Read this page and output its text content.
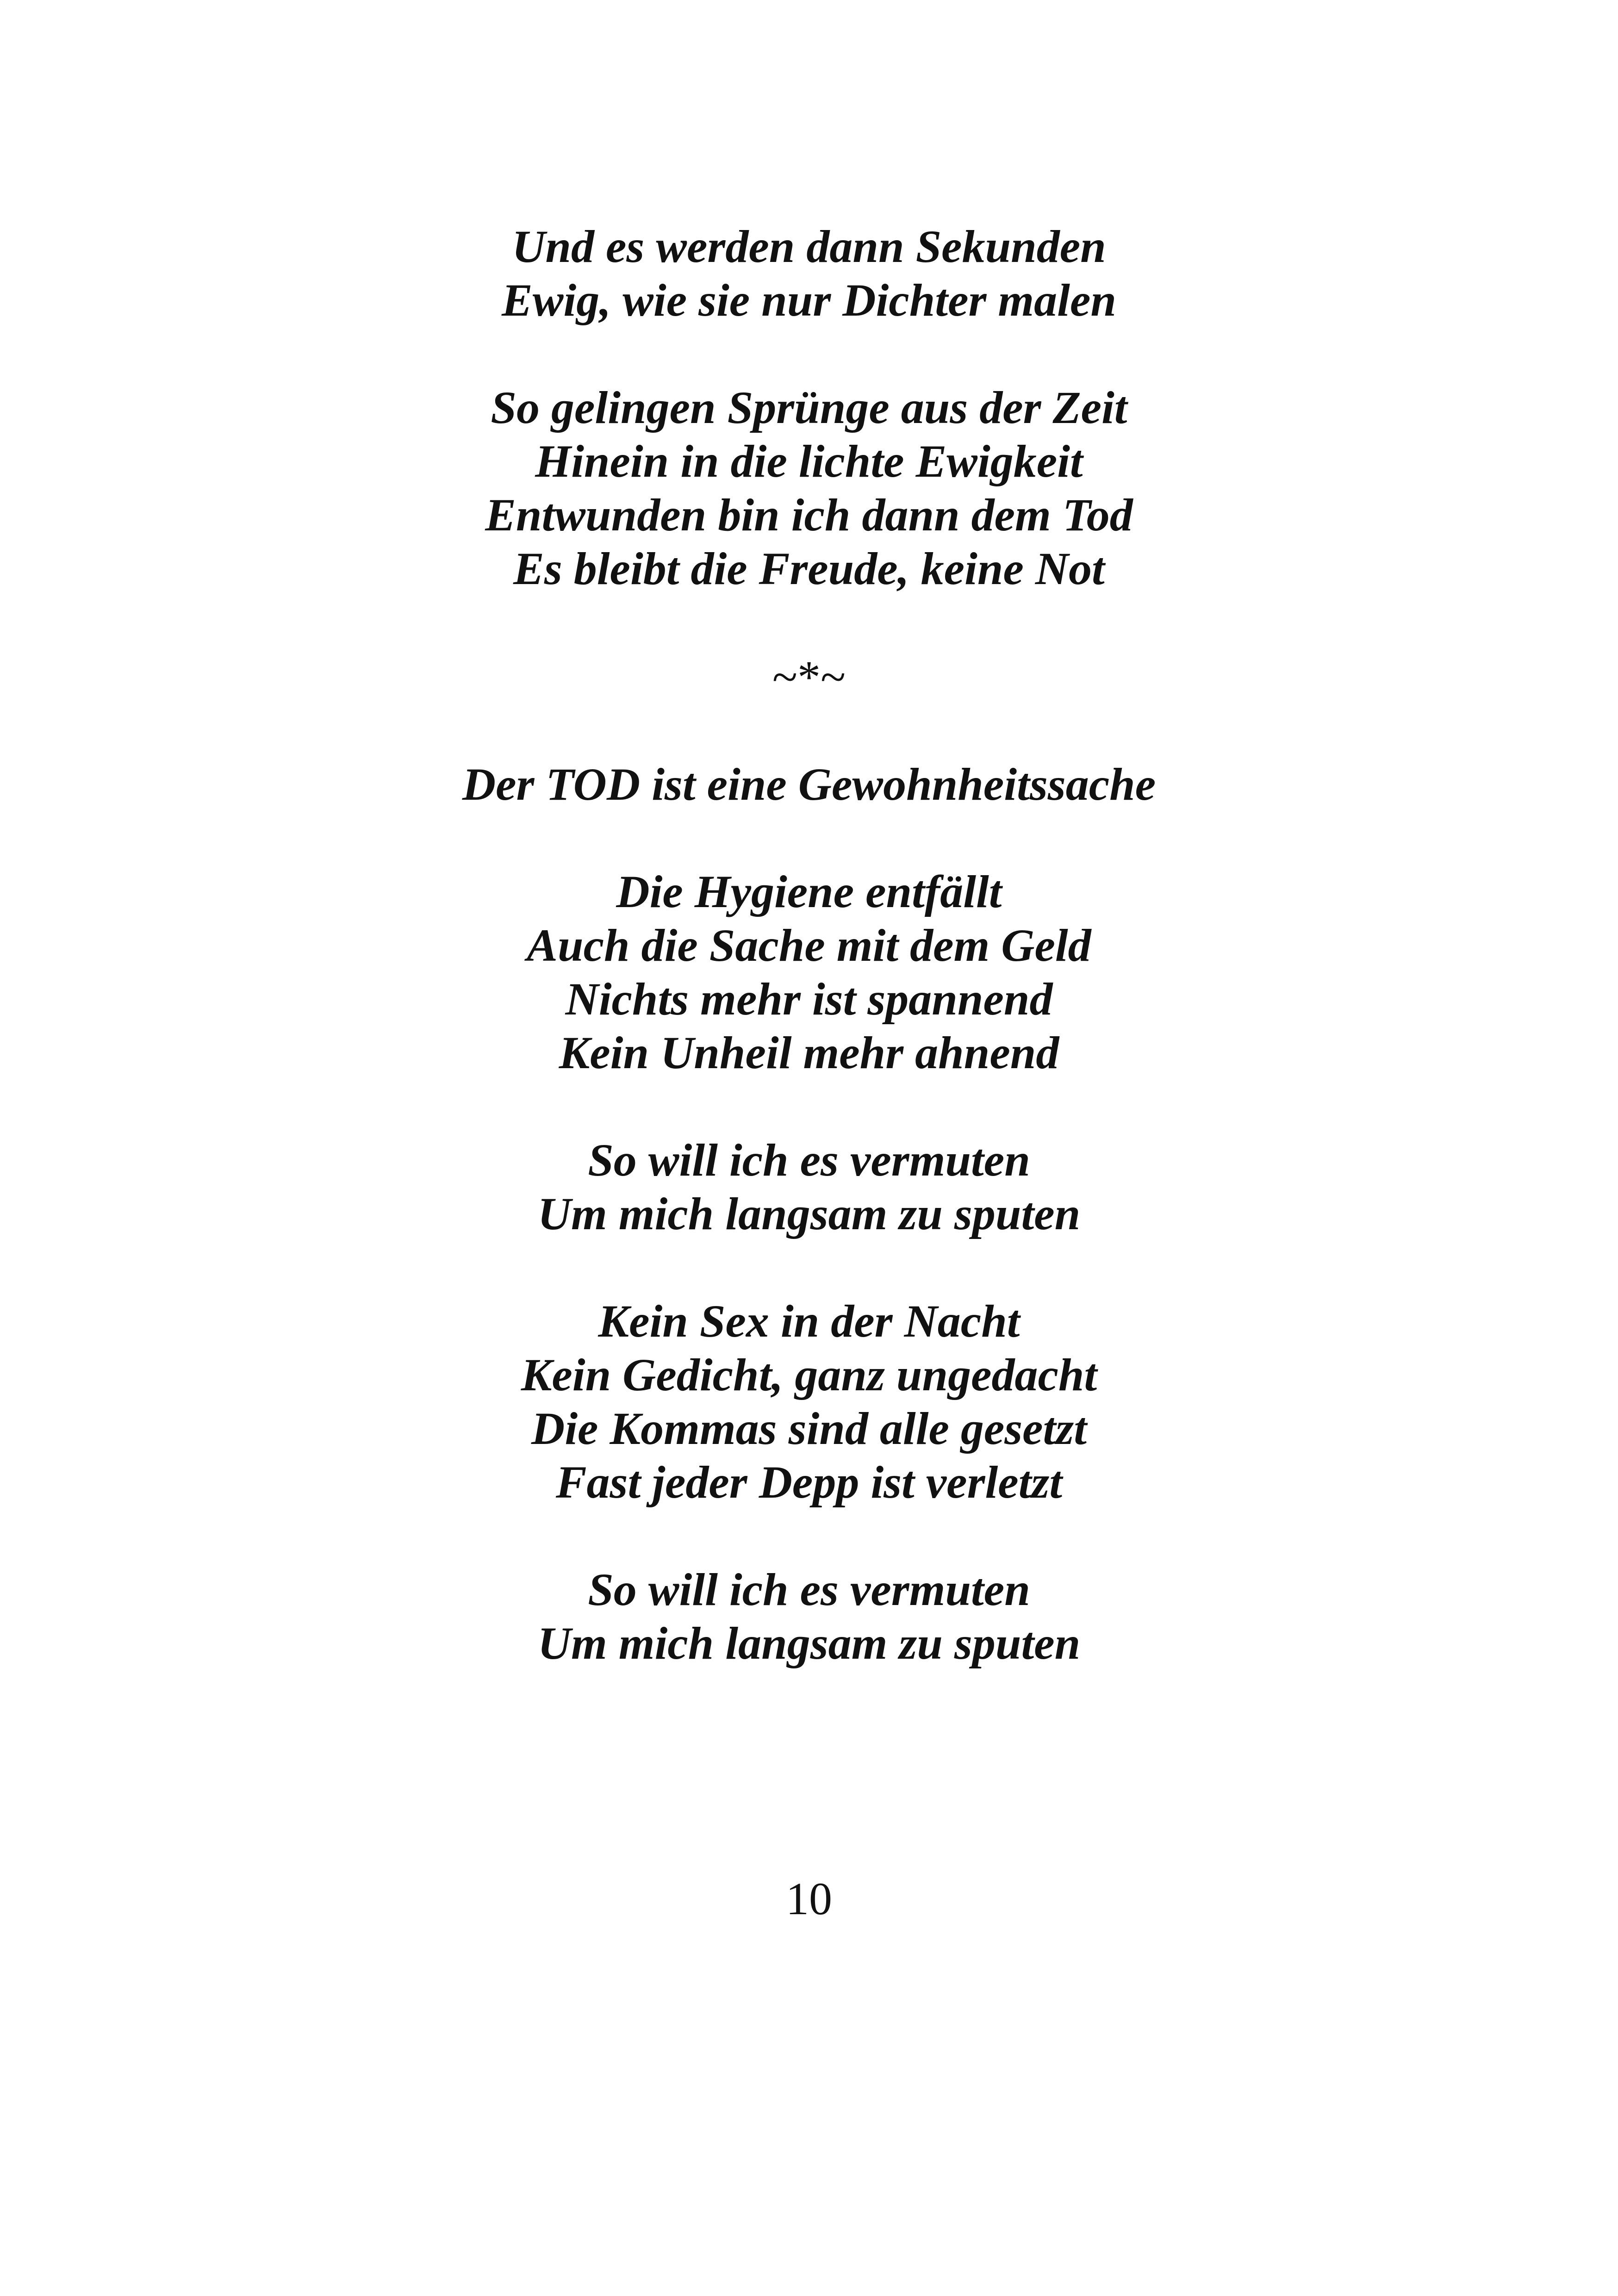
Und es werden dann Sekunden
Ewig, wie sie nur Dichter malen
So gelingen Sprünge aus der Zeit
Hinein in die lichte Ewigkeit
Entwunden bin ich dann dem Tod
Es bleibt die Freude, keine Not
~*~
Der TOD ist eine Gewohnheitssache
Die Hygiene entfällt
Auch die Sache mit dem Geld
Nichts mehr ist spannend
Kein Unheil mehr ahnend
So will ich es vermuten
Um mich langsam zu sputen
Kein Sex in der Nacht
Kein Gedicht, ganz ungedacht
Die Kommas sind alle gesetzt
Fast jeder Depp ist verletzt
So will ich es vermuten
Um mich langsam zu sputen
10
